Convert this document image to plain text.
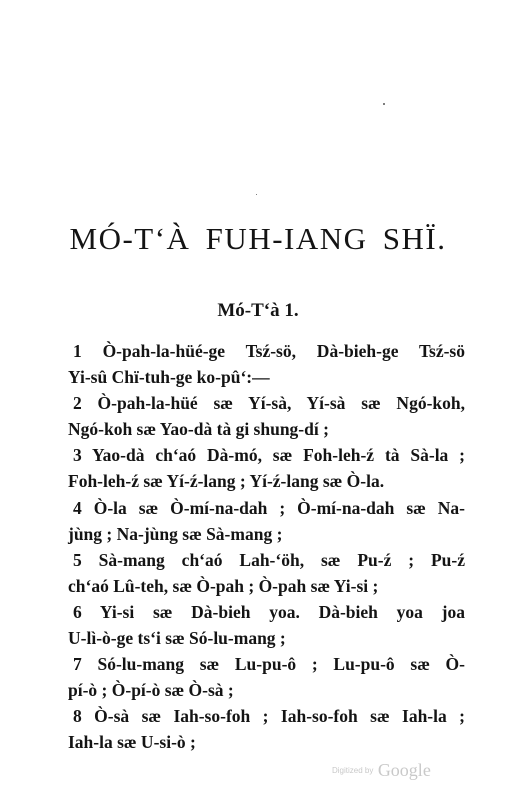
MÓ-T‘À FUH-IANG SHÏ.
Mó-T‘à 1.
1 Ò-pah-la-hüé-ge Tsź-sö, Dà-bieh-ge Tsź-sö
Yi-sû Chï-tuh-ge ko-pû‘:—
2 Ò-pah-la-hüé sæ Yí-sà, Yí-sà sæ Ngó-koh,
Ngó-koh sæ Yao-dà tà gi shung-dí ;
3 Yao-dà ch‘aó Dà-mó, sæ Foh-leh-ź tà Sà-la ;
Foh-leh-ź sæ Yí-ź-lang ; Yí-ź-lang sæ Ò-la.
4 Ò-la sæ Ò-mí-na-dah ; Ò-mí-na-dah sæ Na-
jùng ; Na-jùng sæ Sà-mang ;
5 Sà-mang ch‘aó Lah-‘öh, sæ Pu-ź ; Pu-ź
ch‘aó Lû-teh, sæ Ò-pah ; Ò-pah sæ Yi-si ;
6 Yi-si sæ Dà-bieh yoa. Dà-bieh yoa joa
U-lì-ò-ge ts‘i sæ Só-lu-mang ;
7 Só-lu-mang sæ Lu-pu-ô ; Lu-pu-ô sæ Ò-
pí-ò ; Ò-pí-ò sæ Ò-sà ;
8 Ò-sà sæ Iah-so-foh ; Iah-so-foh sæ Iah-la ;
Iah-la sæ U-si-ò ;
Digitized by Google
